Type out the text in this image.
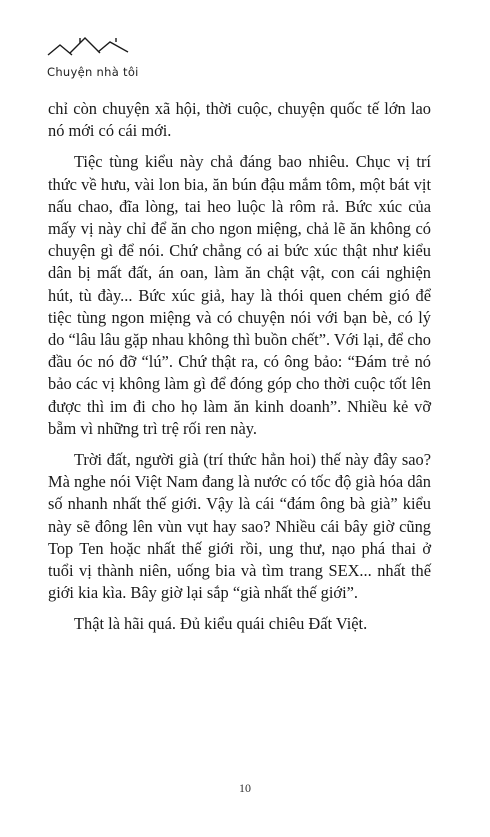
Chuyện nhà tôi

chỉ còn chuyện xã hội, thời cuộc, chuyện quốc tế lớn lao nó mới có cái mới.

Tiệc tùng kiểu này chả đáng bao nhiêu. Chục vị trí thức về hưu, vài lon bia, ăn bún đậu mắm tôm, một bát vịt nấu chao, đĩa lòng, tai heo luộc là rôm rả. Bức xúc của mấy vị này chỉ để ăn cho ngon miệng, chả lẽ ăn không có chuyện gì để nói. Chứ chẳng có ai bức xúc thật như kiểu dân bị mất đất, án oan, làm ăn chật vật, con cái nghiện hút, tù đày... Bức xúc giả, hay là thói quen chém gió để tiệc tùng ngon miệng và có chuyện nói với bạn bè, có lý do “lâu lâu gặp nhau không thì buồn chết”. Với lại, để cho đầu óc nó đỡ “lú”. Chứ thật ra, có ông bảo: “Đám trẻ nó bảo các vị không làm gì để đóng góp cho thời cuộc tốt lên được thì im đi cho họ làm ăn kinh doanh”. Nhiều kẻ vỡ bẵm vì những trì trệ rối ren này.

Trời đất, người già (trí thức hẳn hoi) thế này đây sao? Mà nghe nói Việt Nam đang là nước có tốc độ già hóa dân số nhanh nhất thế giới. Vậy là cái “đám ông bà già” kiểu này sẽ đông lên vùn vụt hay sao? Nhiều cái bây giờ cũng Top Ten hoặc nhất thế giới rồi, ung thư, nạo phá thai ở tuổi vị thành niên, uống bia và tìm trang SEX... nhất thế giới kia kìa. Bây giờ lại sắp “già nhất thế giới”.

Thật là hãi quá. Đủ kiểu quái chiêu Đất Việt.

10
